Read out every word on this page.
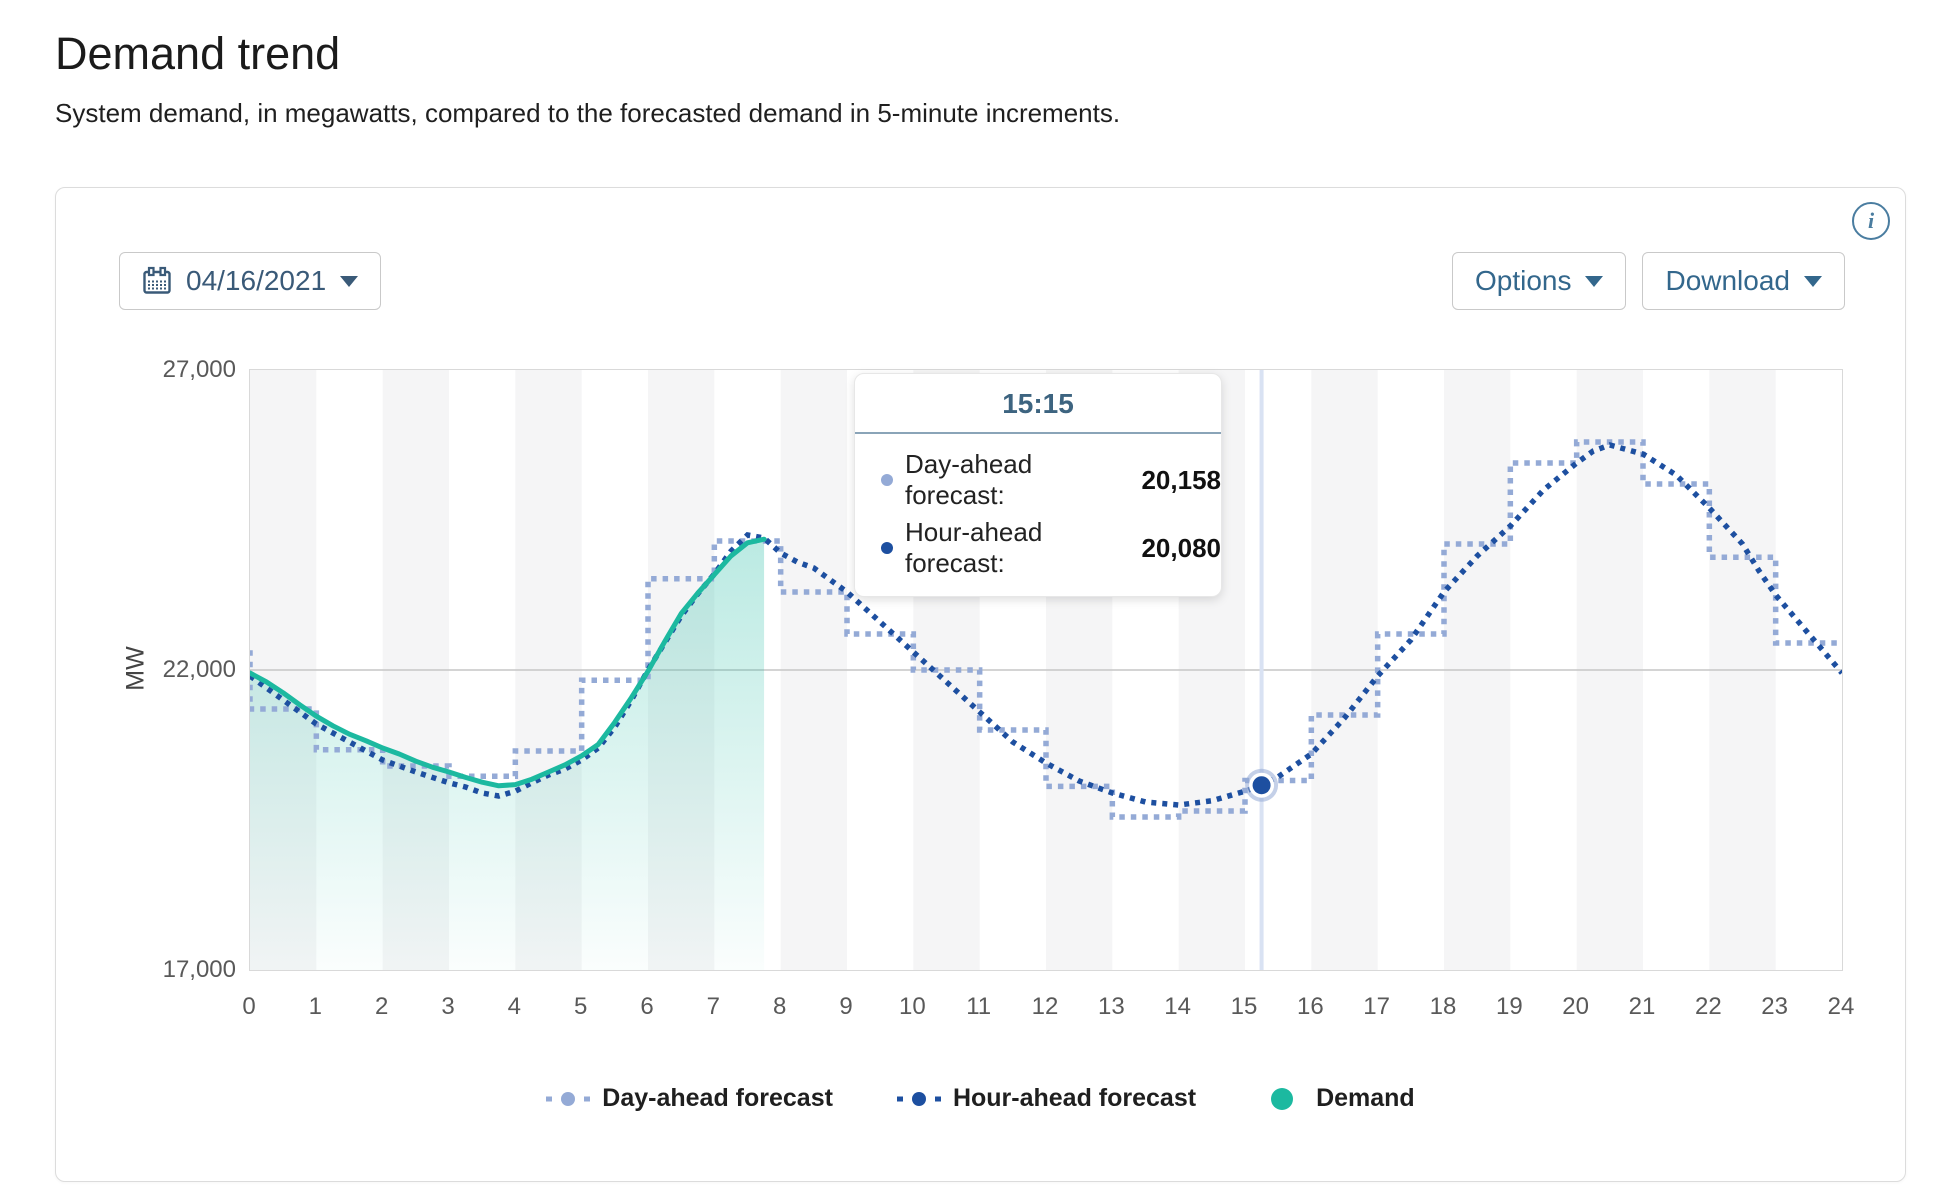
Demand trend
System demand, in megawatts, compared to the forecasted demand in 5-minute increments.
04/16/2021	Options	Download
i
27,000
22,000
17,000
MW
0 1 2 3 4 5 6 7 8 9 10 11 12 13 14 15 16 17 18 19 20 21 22 23 24
15:15
Day-ahead forecast:
20,158
Hour-ahead forecast:
20,080
Day-ahead forecast	Hour-ahead forecast	Demand
